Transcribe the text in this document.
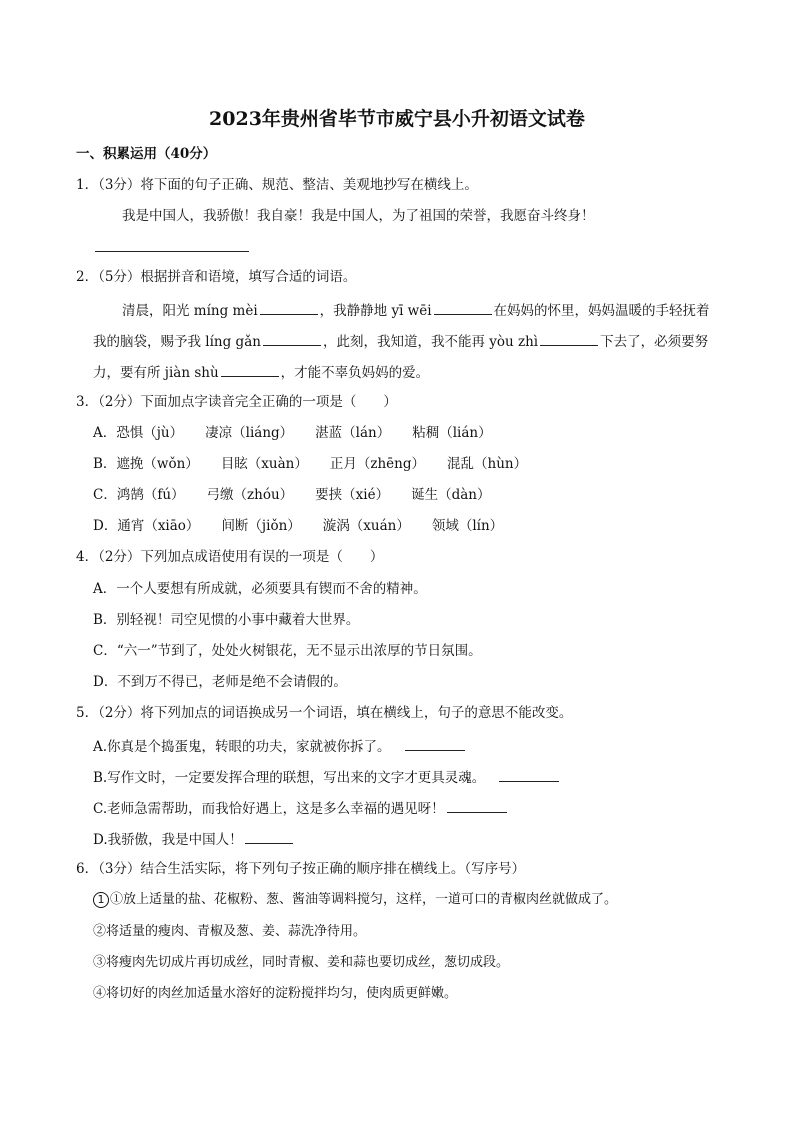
2023年贵州省毕节市威宁县小升初语文试卷
一、积累运用（40分）
1．（3分）将下面的句子正确、规范、整洁、美观地抄写在横线上。
我是中国人，我骄傲！我自豪！我是中国人，为了祖国的荣誉，我愿奋斗终身！
2．（5分）根据拼音和语境，填写合适的词语。
清晨，阳光 míng mèi	，我静静地 yī wēi	在妈妈的怀里，妈妈温暖的手轻抚着
我的脑袋，赐予我 líng gǎn	，此刻，我知道，我不能再 yòu zhì	下去了，必须要努
力，要有所 jiàn shù	，才能不辜负妈妈的爱。
3．（2分）下面加点字读音完全正确的一项是（　　）
A．恐惧（jù） 凄凉（liáng） 湛蓝（lán） 粘稠（lián）
B．遮挽（wǒn） 目眩（xuàn） 正月（zhēng） 混乱（hùn）
C．鸿鹄（fú） 弓缴（zhóu） 要挟（xié） 诞生（dàn）
D．通宵（xiāo） 间断（jiǒn） 漩涡（xuán） 领域（lín）
4．（2分）下列加点成语使用有误的一项是（　　）
A．一个人要想有所成就，必须要具有锲而不舍的精神。
B．别轻视！司空见惯的小事中藏着大世界。
C．“六一”节到了，处处火树银花，无不显示出浓厚的节日氛围。
D．不到万不得已，老师是绝不会请假的。
5．（2分）将下列加点的词语换成另一个词语，填在横线上，句子的意思不能改变。
A.你真是个捣蛋鬼，转眼的功夫，家就被你拆了。
B.写作文时，一定要发挥合理的联想，写出来的文字才更具灵魂。
C.老师急需帮助，而我恰好遇上，这是多么幸福的遇见呀！
D.我骄傲，我是中国人！
6．（3分）结合生活实际，将下列句子按正确的顺序排在横线上。（写序号）
1 ①放上适量的盐、花椒粉、葱、酱油等调料搅匀，这样，一道可口的青椒肉丝就做成了。
②将适量的瘦肉、青椒及葱、姜、蒜洗净待用。
③将瘦肉先切成片再切成丝，同时青椒、姜和蒜也要切成丝，葱切成段。
④将切好的肉丝加适量水溶好的淀粉搅拌均匀，使肉质更鲜嫩。
